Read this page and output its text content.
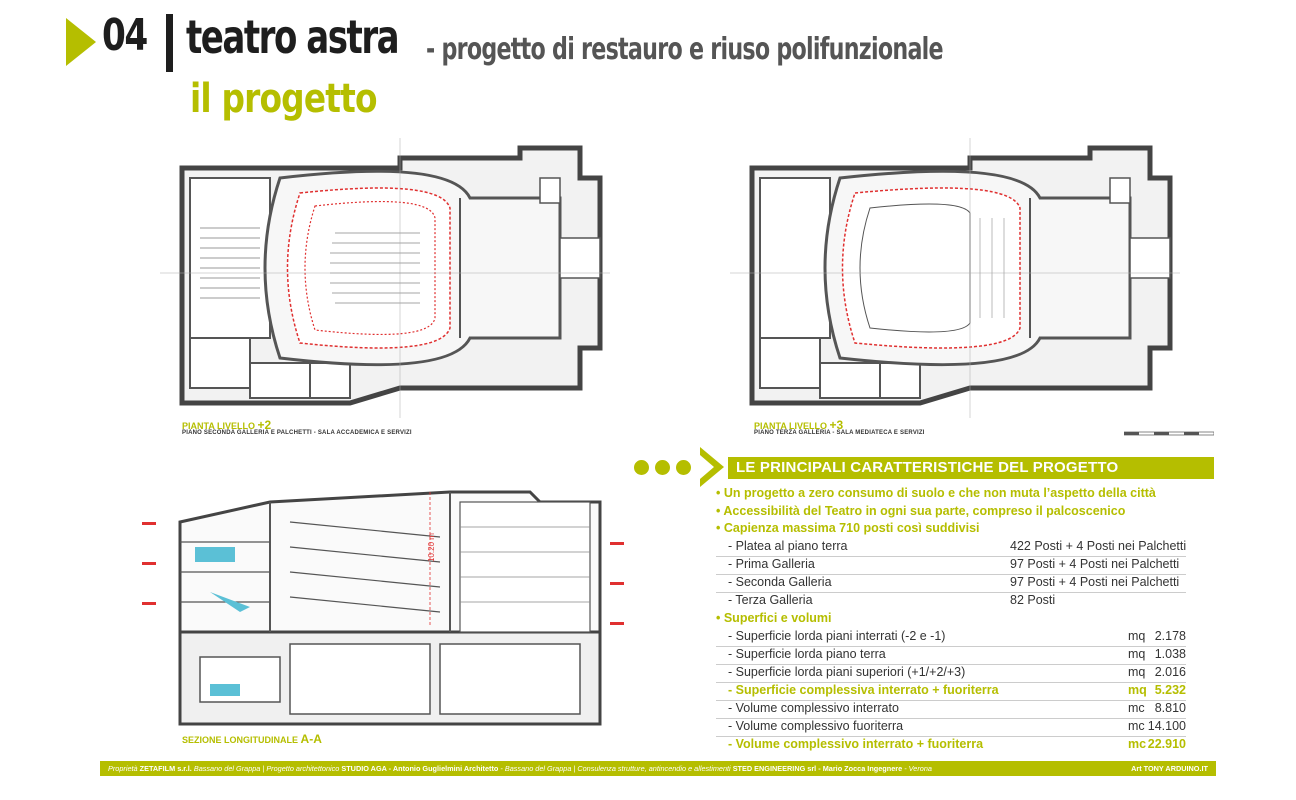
04 teatro astra - progetto di restauro e riuso polifunzionale
il progetto
PIANTA LIVELLO +2
PIANO SECONDA GALLERIA E PALCHETTI - SALA ACCADEMICA E SERVIZI
PIANTA LIVELLO +3
PIANO TERZA GALLERIA - SALA MEDIATECA E SERVIZI
10.20 m
SEZIONE LONGITUDINALE A-A
LE PRINCIPALI CARATTERISTICHE DEL PROGETTO
• Un progetto a zero consumo di suolo e che non muta l’aspetto della città
• Accessibilità del Teatro in ogni sua parte, compreso il palcoscenico
• Capienza massima 710 posti così suddivisi
- Platea al piano terra	422 Posti + 4 Posti nei Palchetti
- Prima Galleria	97 Posti + 4 Posti nei Palchetti
- Seconda Galleria	97 Posti + 4 Posti nei Palchetti
- Terza Galleria	82 Posti
• Superfici e volumi
- Superficie lorda piani interrati (-2 e -1)	mq 2.178
- Superficie lorda piano terra	mq 1.038
- Superficie lorda piani superiori (+1/+2/+3)	mq 2.016
- Superficie complessiva interrato + fuoriterra	mq 5.232
- Volume complessivo interrato	mc 8.810
- Volume complessivo fuoriterra	mc 14.100
- Volume complessivo interrato + fuoriterra	mc 22.910
Proprietà ZETAFILM s.r.l. Bassano del Grappa | Progetto architettonico STUDIO AGA - Antonio Guglielmini Architetto - Bassano del Grappa | Consulenza strutture, antincendio e allestimenti STED ENGINEERING srl - Mario Zocca Ingegnere - Verona	Art TONY ARDUINO.IT
